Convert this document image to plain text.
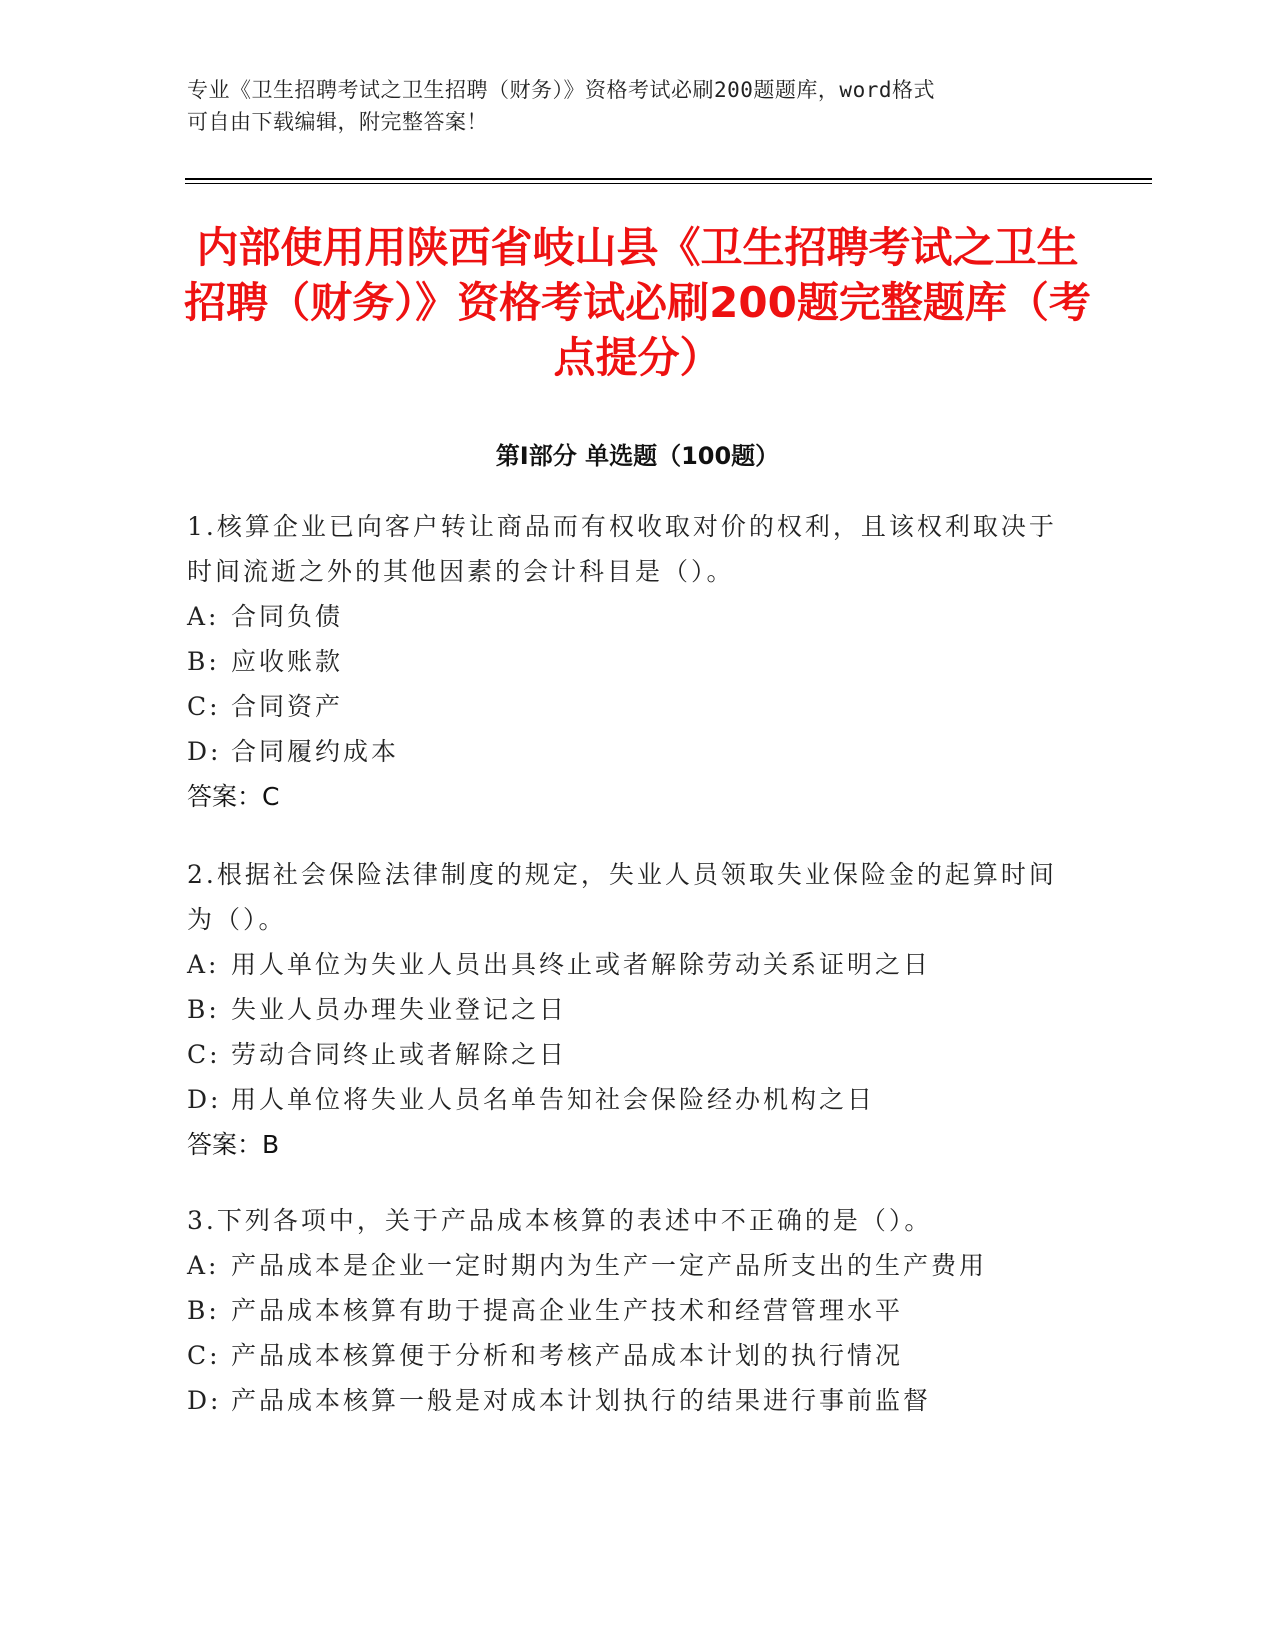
专业《卫生招聘考试之卫生招聘（财务）》资格考试必刷200题题库，word格式
可自由下载编辑，附完整答案！
内部使用用陕西省岐山县《卫生招聘考试之卫生招聘（财务）》资格考试必刷200题完整题库（考点提分）
第Ⅰ部分 单选题（100题）

1.核算企业已向客户转让商品而有权收取对价的权利，且该权利取决于时间流逝之外的其他因素的会计科目是（）。

A: 合同负债

B: 应收账款

C: 合同资产

D: 合同履约成本

答案：C

2.根据社会保险法律制度的规定，失业人员领取失业保险金的起算时间为（）。

A: 用人单位为失业人员出具终止或者解除劳动关系证明之日

B: 失业人员办理失业登记之日

C: 劳动合同终止或者解除之日

D: 用人单位将失业人员名单告知社会保险经办机构之日

答案：B

3.下列各项中，关于产品成本核算的表述中不正确的是（）。

A: 产品成本是企业一定时期内为生产一定产品所支出的生产费用

B: 产品成本核算有助于提高企业生产技术和经营管理水平

C: 产品成本核算便于分析和考核产品成本计划的执行情况

D: 产品成本核算一般是对成本计划执行的结果进行事前监督
